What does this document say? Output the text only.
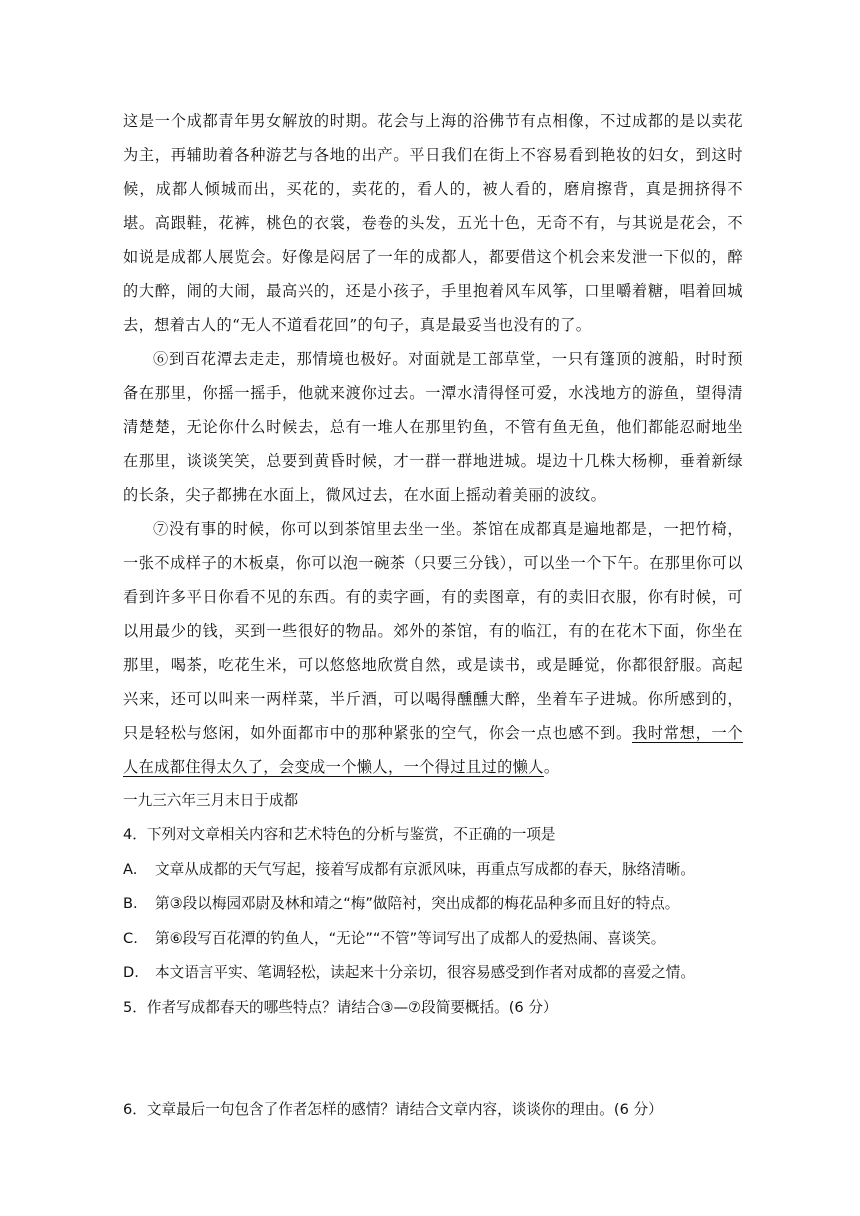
这是一个成都青年男女解放的时期。花会与上海的浴佛节有点相像，不过成都的是以卖花为主，再辅助着各种游艺与各地的出产。平日我们在街上不容易看到艳妆的妇女，到这时候，成都人倾城而出，买花的，卖花的，看人的，被人看的，磨肩擦背，真是拥挤得不堪。高跟鞋，花裤，桃色的衣裳，卷卷的头发，五光十色，无奇不有，与其说是花会，不如说是成都人展览会。好像是闷居了一年的成都人，都要借这个机会来发泄一下似的，醉的大醉，闹的大闹，最高兴的，还是小孩子，手里抱着风车风筝，口里嚼着糖，唱着回城去，想着古人的“无人不道看花回”的句子，真是最妥当也没有的了。

⑥到百花潭去走走，那情境也极好。对面就是工部草堂，一只有篷顶的渡船，时时预备在那里，你摇一摇手，他就来渡你过去。一潭水清得怪可爱，水浅地方的游鱼，望得清清楚楚，无论你什么时候去，总有一堆人在那里钓鱼，不管有鱼无鱼，他们都能忍耐地坐在那里，谈谈笑笑，总要到黄昏时候，才一群一群地进城。堤边十几株大杨柳，垂着新绿的长条，尖子都拂在水面上，微风过去，在水面上摇动着美丽的波纹。

⑦没有事的时候，你可以到茶馆里去坐一坐。茶馆在成都真是遍地都是，一把竹椅，一张不成样子的木板桌，你可以泡一碗茶（只要三分钱），可以坐一个下午。在那里你可以看到许多平日你看不见的东西。有的卖字画，有的卖图章，有的卖旧衣服，你有时候，可以用最少的钱，买到一些很好的物品。郊外的茶馆，有的临江，有的在花木下面，你坐在那里，喝茶，吃花生米，可以悠悠地欣赏自然，或是读书，或是睡觉，你都很舒服。高起兴来，还可以叫来一两样菜，半斤酒，可以喝得醺醺大醉，坐着车子进城。你所感到的，只是轻松与悠闲，如外面都市中的那种紧张的空气，你会一点也感不到。我时常想，一个人在成都住得太久了，会变成一个懒人，一个得过且过的懒人。

一九三六年三月末日于成都

4．下列对文章相关内容和艺术特色的分析与鉴赏，不正确的一项是

A.	文章从成都的天气写起，接着写成都有京派风味，再重点写成都的春天，脉络清晰。
B.	第③段以梅园邓尉及林和靖之“梅”做陪衬，突出成都的梅花品种多而且好的特点。
C.	第⑥段写百花潭的钓鱼人，“无论”“不管”等词写出了成都人的爱热闹、喜谈笑。
D.	本文语言平实、笔调轻松，读起来十分亲切，很容易感受到作者对成都的喜爱之情。

5．作者写成都春天的哪些特点？请结合③—⑦段简要概括。(6 分）

6．文章最后一句包含了作者怎样的感情？请结合文章内容，谈谈你的理由。(6 分）
